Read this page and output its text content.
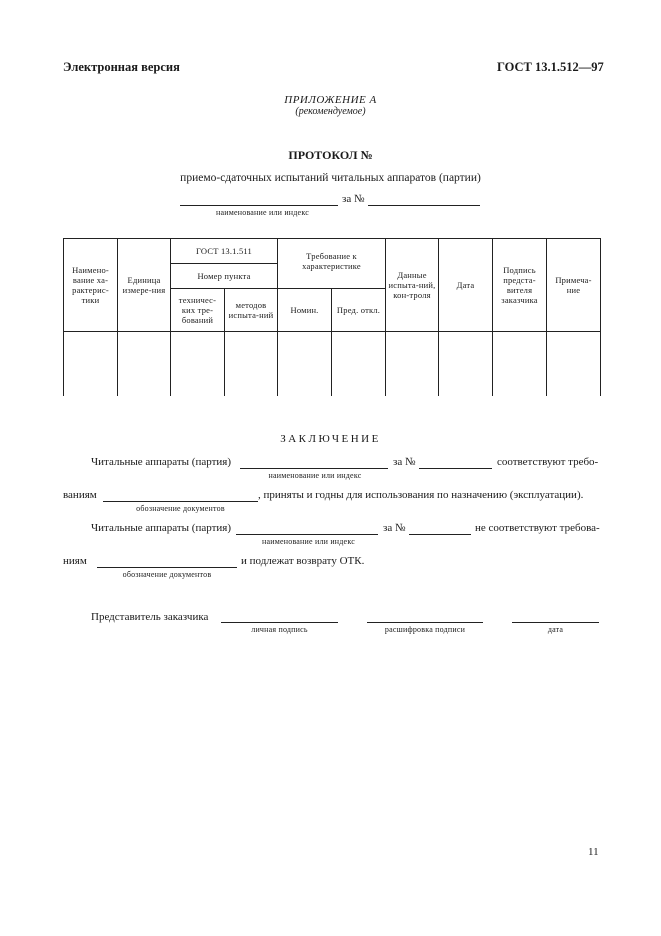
Электронная версия	ГОСТ 13.1.512—97
ПРИЛОЖЕНИЕ А
(рекомендуемое)
ПРОТОКОЛ №
приемо-сдаточных испытаний читальных аппаратов (партии)
за №
наименование или индекс
Наимено-вание ха-рактерис-тики	Единица измере-ния	ГОСТ 13.1.511		Требование к характеристике		Данные испыта-ний, кон-троля	Дата	Подпись предста-вителя заказчика	Примеча-ние
		Номер пункта							
		техничес-ких тре-бований	методов испыта-ний	Номин.	Пред. откл.				

ЗАКЛЮЧЕНИЕ
Читальные аппараты (партия)	за №	соответствуют требо-
наименование или индекс
ваниям	, приняты и годны для использования по назначению (эксплуатации).
обозначение документов
Читальные аппараты (партия)	за №	не соответствуют требова-
наименование или индекс
ниям	и подлежат возврату ОТК.
обозначение документов
Представитель заказчика
личная подпись	расшифровка подписи	дата
11
